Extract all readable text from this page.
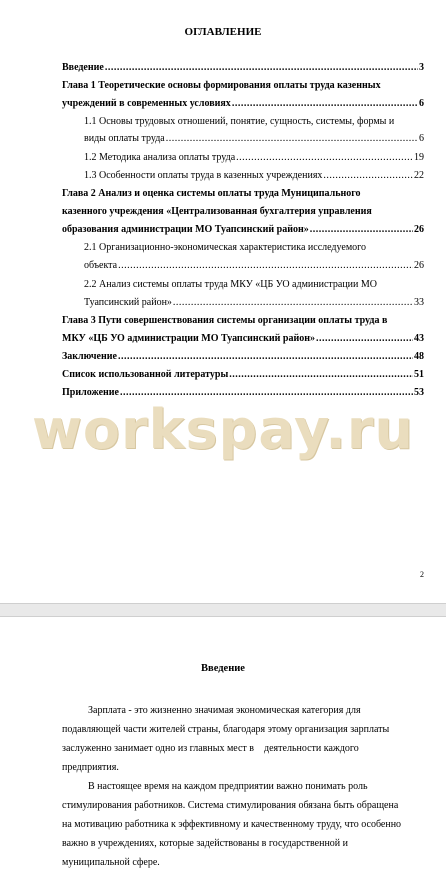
ОГЛАВЛЕНИЕ
Введение .....	3
Глава 1 Теоретические основы формирования оплаты труда казенных
учреждений в современных условиях .....	6
1.1 Основы трудовых отношений, понятие, сущность, системы, формы и
виды оплаты труда .....	6
1.2 Методика анализа оплаты труда .....	19
1.3 Особенности оплаты труда в казенных учреждениях .....	22
Глава 2 Анализ и оценка системы оплаты труда Муниципального
казенного учреждения «Централизованная бухгалтерия управления
образования администрации МО Туапсинский район» .....	26
2.1 Организационно-экономическая характеристика исследуемого
объекта .....	26
2.2 Анализ системы оплаты труда МКУ «ЦБ УО администрации МО
Туапсинский район» .....	33
Глава 3 Пути совершенствования системы организации оплаты труда в
МКУ «ЦБ УО администрации МО Туапсинский район» .....	43
Заключение .....	48
Список использованной литературы .....	51
Приложение .....	53
workspay.ru
2
Введение
Зарплата - это жизненно значимая экономическая категория для
подавляющей части жителей страны, благодаря этому организация зарплаты
заслуженно занимает одно из главных мест в    деятельности каждого
предприятия.
В настоящее время на каждом предприятии важно понимать роль
стимулирования работников. Система стимулирования обязана быть обращена
на мотивацию работника к эффективному и качественному труду, что особенно
важно в учреждениях, которые задействованы в государственной и
муниципальной сфере.
